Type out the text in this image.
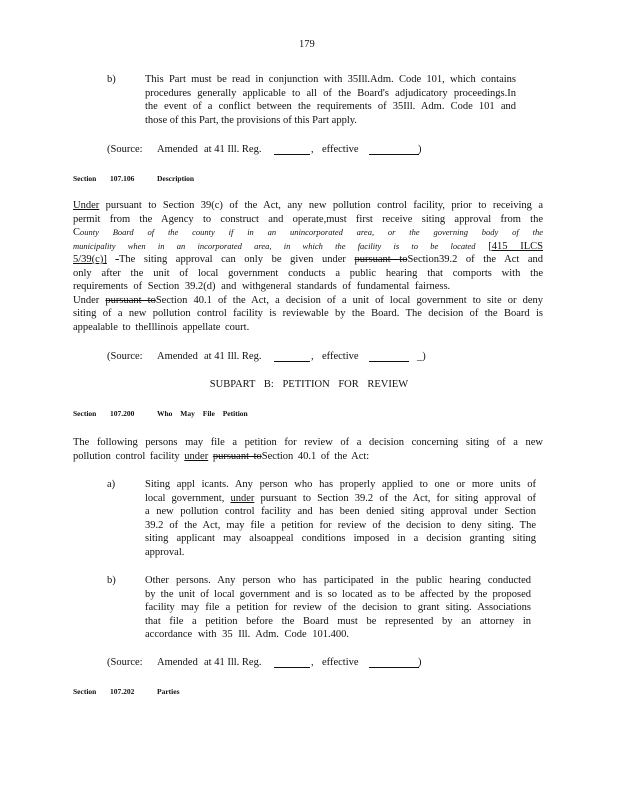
179
b)	This Part must be read in conjunction with 35Ill.Adm. Code 101, which contains

procedures generally applicable to all of the Board's adjudicatory proceedings.In

the event of a conflict between the requirements of 35Ill. Adm. Code 101 and

those of this Part, the provisions of this Part apply.

(Source: Amended at 41 Ill. Reg.	, effective	)
Section 107.106	Description

Under pursuant to Section 39(c) of the Act, any new pollution control facility, prior to receiving a

permit from the Agency to construct and operate,must first receive siting approval from the

County Board of the county if in an unincorporated area, or the governing body of the

municipality when in an incorporated area, in which the facility is to be located [415 ILCS

5/39(c)] -The siting approval can only be given under pursuant toSection39.2 of the Act and

only after the unit of local government conducts a public hearing that comports with the

requirements of Section 39.2(d) and withgeneral standards of fundamental fairness.

Under pursuant toSection 40.1 of the Act, a decision of a unit of local government to site or deny

siting of a new pollution control facility is reviewable by the Board. The decision of the Board is

appealable to theIllinois appellate court.

(Source: Amended at 41 Ill. Reg.	, effective	_)
SUBPART B: PETITION FOR REVIEW
Section 107.200	Who May File Petition

The following persons may file a petition for review of a decision concerning siting of a new

pollution control facility under pursuant toSection 40.1 of the Act:

a)	Siting appl icants. Any person who has properly applied to one or more units of

local government, under pursuant to Section 39.2 of the Act, for siting approval of

a new pollution control facility and has been denied siting approval under Section

39.2 of the Act, may file a petition for review of the decision to deny siting. The

siting applicant may alsoappeal conditions imposed in a decision granting siting

approval.

b)	Other persons. Any person who has participated in the public hearing conducted

by the unit of local government and is so located as to be affected by the proposed

facility may file a petition for review of the decision to grant siting. Associations

that file a petition before the Board must be represented by an attorney in

accordance with 35 Ill. Adm. Code 101.400.

(Source: Amended at 41 Ill. Reg.	, effective	)
Section 107.202	Parties
